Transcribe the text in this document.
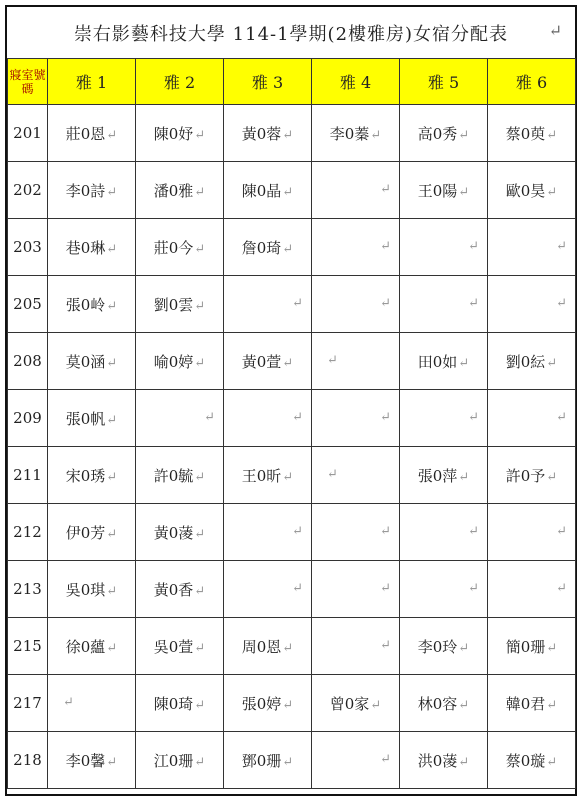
崇右影藝科技大學 114-1學期(2樓雅房)女宿分配表	↵
寢室號碼	雅 1	雅 2	雅 3	雅 4	雅 5	雅 6
201	莊0恩↵	陳0妤↵	黃0蓉↵	李0蓁↵	高0秀↵	蔡0萸↵
202	李0詩↵	潘0雅↵	陳0晶↵	↵	王0陽↵	歐0昊↵
203	巷0琳↵	莊0今↵	詹0琦↵	↵	↵	↵

205	張0岭↵	劉0雲↵	↵	↵	↵	↵

208	莫0涵↵	喻0婷↵	黃0萱↵	↵	田0如↵	劉0紜↵
209	張0帆↵	↵	↵	↵	↵	↵

211	宋0琇↵	許0毓↵	王0昕↵	↵	張0萍↵	許0予↵
212	伊0芳↵	黃0蓤↵	↵	↵	↵	↵

213	吳0琪↵	黃0香↵	↵	↵	↵	↵

215	徐0蘊↵	吳0萱↵	周0恩↵	↵	李0玲↵	簡0珊↵
217	↵	陳0琦↵	張0婷↵	曾0家↵	林0容↵	韓0君↵
218	李0馨↵	江0珊↵	鄧0珊↵	↵	洪0蓤↵	蔡0璇↵
